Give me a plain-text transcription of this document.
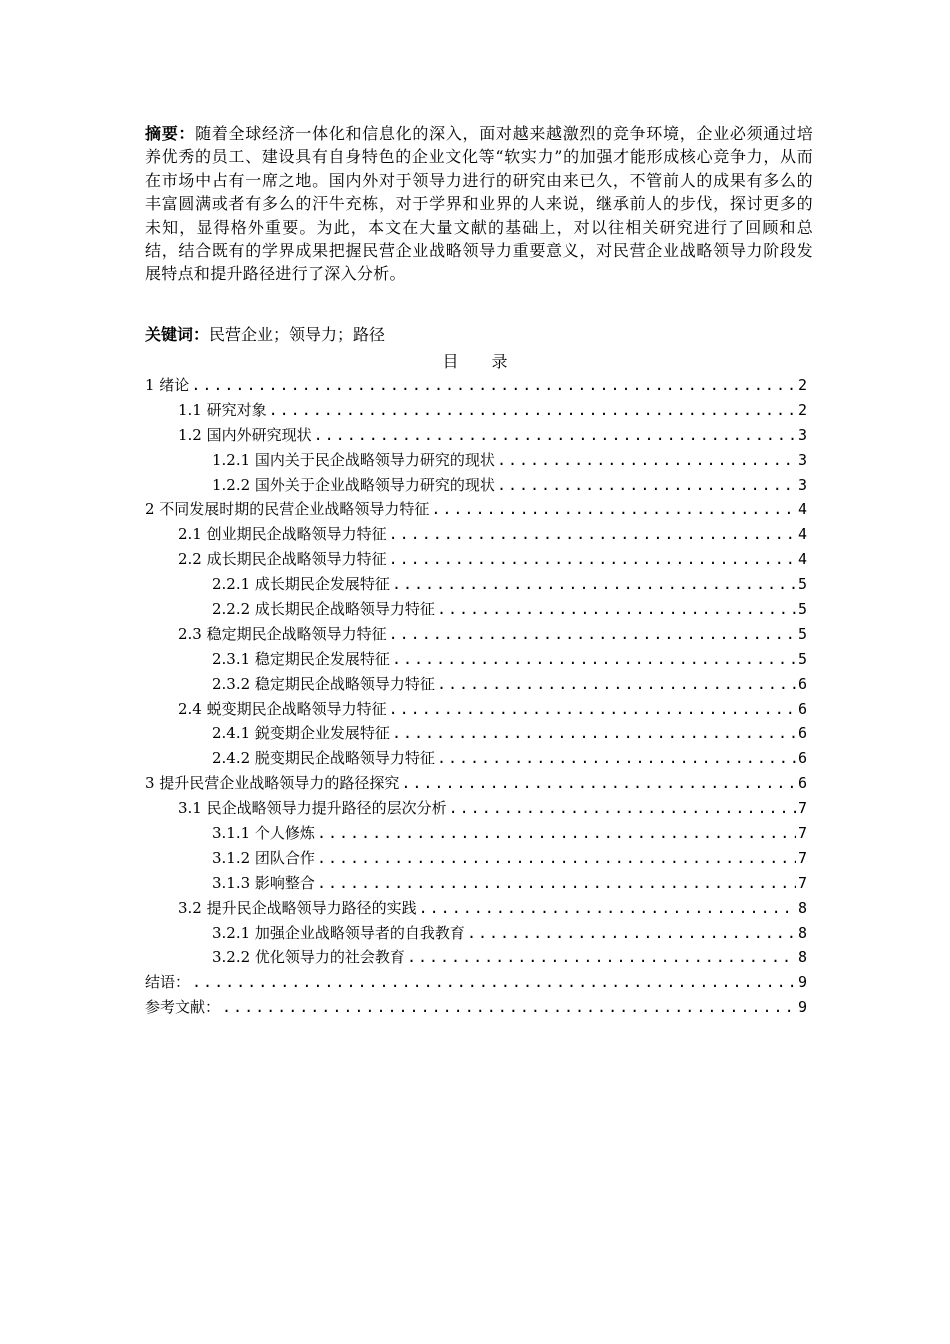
摘要：随着全球经济一体化和信息化的深入，面对越来越激烈的竞争环境，企业必须通过培养优秀的员工、建设具有自身特色的企业文化等“软实力”的加强才能形成核心竞争力，从而在市场中占有一席之地。国内外对于领导力进行的研究由来已久，不管前人的成果有多么的丰富圆满或者有多么的汗牛充栋，对于学界和业界的人来说，继承前人的步伐，探讨更多的未知，显得格外重要。为此，本文在大量文献的基础上，对以往相关研究进行了回顾和总结，结合既有的学界成果把握民营企业战略领导力重要意义，对民营企业战略领导力阶段发展特点和提升路径进行了深入分析。
关键词：民营企业；领导力；路径
目 录
1 绪论 .....	2
1.1 研究对象 .....	2
1.2 国内外研究现状 .....	3
1.2.1 国内关于民企战略领导力研究的现状 .....	3
1.2.2 国外关于企业战略领导力研究的现状 .....	3
2 不同发展时期的民营企业战略领导力特征 .....	4
2.1 创业期民企战略领导力特征 .....	4
2.2 成长期民企战略领导力特征 .....	4
2.2.1 成长期民企发展特征 .....	5
2.2.2 成长期民企战略领导力特征 .....	5
2.3 稳定期民企战略领导力特征 .....	5
2.3.1 稳定期民企发展特征 .....	5
2.3.2 稳定期民企战略领导力特征 .....	6
2.4 蜕变期民企战略领导力特征 .....	6
2.4.1 鋭变期企业发展特征 .....	6
2.4.2 脱变期民企战略领导力特征 .....	6
3 提升民营企业战略领导力的路径探究 .....	6
3.1 民企战略领导力提升路径的层次分析 .....	7
3.1.1 个人修炼 .....	7
3.1.2 团队合作 .....	7
3.1.3 影响整合 .....	7
3.2 提升民企战略领导力路径的实践 .....	8
3.2.1 加强企业战略领导者的自我教育 .....	8
3.2.2 优化领导力的社会教育 .....	8
结语： .....	9
参考文献： .....	9
